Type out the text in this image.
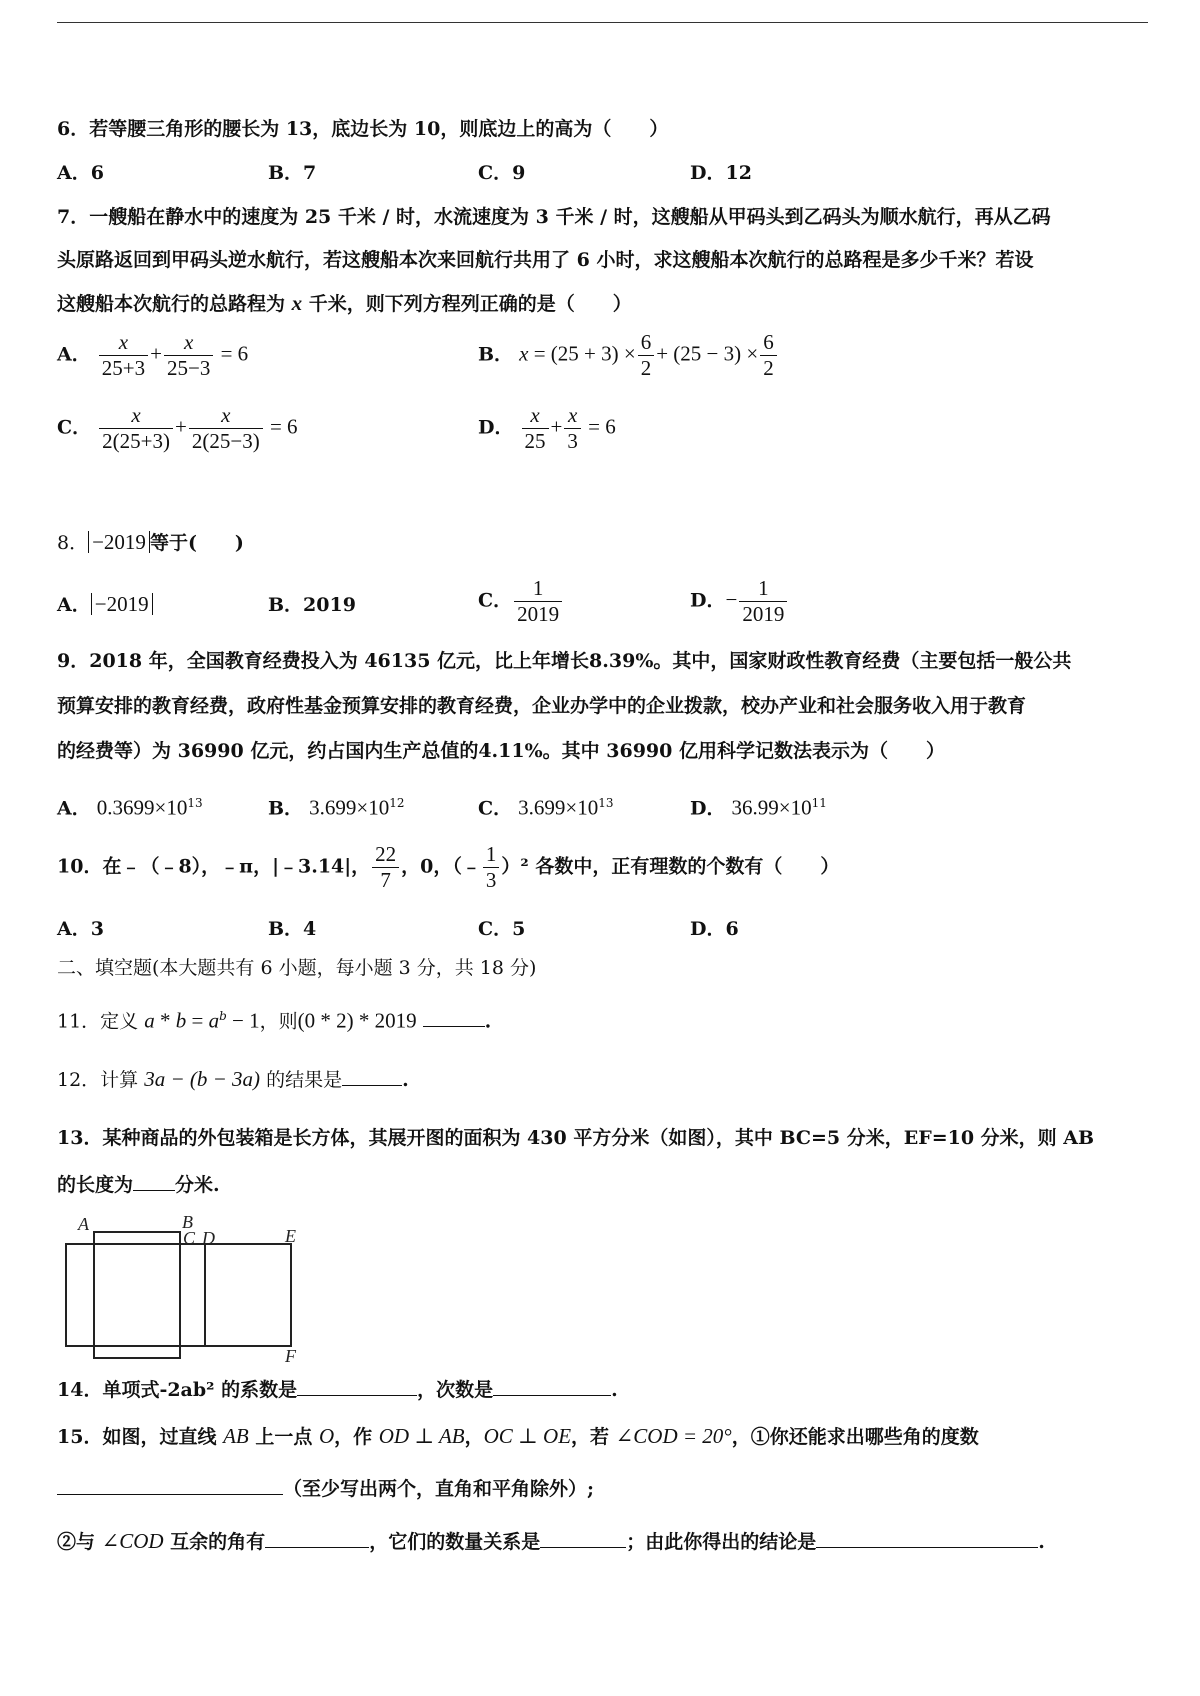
6．若等腰三角形的腰长为 13，底边长为 10，则底边上的高为（　　）
A．6	B．7	C．9	D．12
7．一艘船在静水中的速度为 25 千米 / 时，水流速度为 3 千米 / 时，这艘船从甲码头到乙码头为顺水航行，再从乙码
头原路返回到甲码头逆水航行，若这艘船本次来回航行共用了 6 小时，求这艘船本次航行的总路程是多少千米？若设
这艘船本次航行的总路程为 x 千米，则下列方程列正确的是（　　）
A． $\frac{x}{25+3} + \frac{x}{25-3} = 6$	B． $x = (25 + 3) \times \frac{6}{2} + (25 - 3) \times \frac{6}{2}$
C． $\frac{x}{2(25+3)} + \frac{x}{2(25-3)} = 6$	D． $\frac{x}{25} + \frac{x}{3} = 6$
8． −2019 等于(　　)
A． −2019	B．2019	C． $\frac{1}{2019}$	D．− $\frac{1}{2019}$
9．2018 年，全国教育经费投入为 46135 亿元，比上年增长8.39%。其中，国家财政性教育经费（主要包括一般公共
预算安排的教育经费，政府性基金预算安排的教育经费，企业办学中的企业拨款，校办产业和社会服务收入用于教育
的经费等）为 36990 亿元，约占国内生产总值的4.11%。其中 36990 亿用科学记数法表示为（　　）
A． $0.3699\times 10^{13}$	B． $3.699\times 10^{12}$	C． $3.699\times 10^{13}$	D． $36.99\times 10^{11}$
10．在﹣（﹣8），﹣π，|﹣3.14|， $\frac{22}{7}$ ，0，（﹣ $\frac{1}{3} )^2$ 各数中，正有理数的个数有（　　）
A．3	B．4	C．5	D．6
二、填空题(本大题共有 6 小题，每小题 3 分，共 18 分)
11．定义 $a * b = a^b - 1$，则(0 * 2) * 2019	.
12．计算 3a − (b − 3a) 的结果是	.
13．某种商品的外包装箱是长方体，其展开图的面积为 430 平方分米（如图），其中 BC=5 分米，EF=10 分米，则 AB
的长度为 分米.
A	B
C D	E
F
14．单项式-2ab² 的系数是	，次数是	.
15．如图，过直线 AB 上一点 O，作 OD ⊥ AB，OC ⊥ OE，若 ∠COD = 20°，①你还能求出哪些角的度数
（至少写出两个，直角和平角除外）;
②与 ∠COD 互余的角有	，它们的数量关系是	；由此你得出的结论是	.
